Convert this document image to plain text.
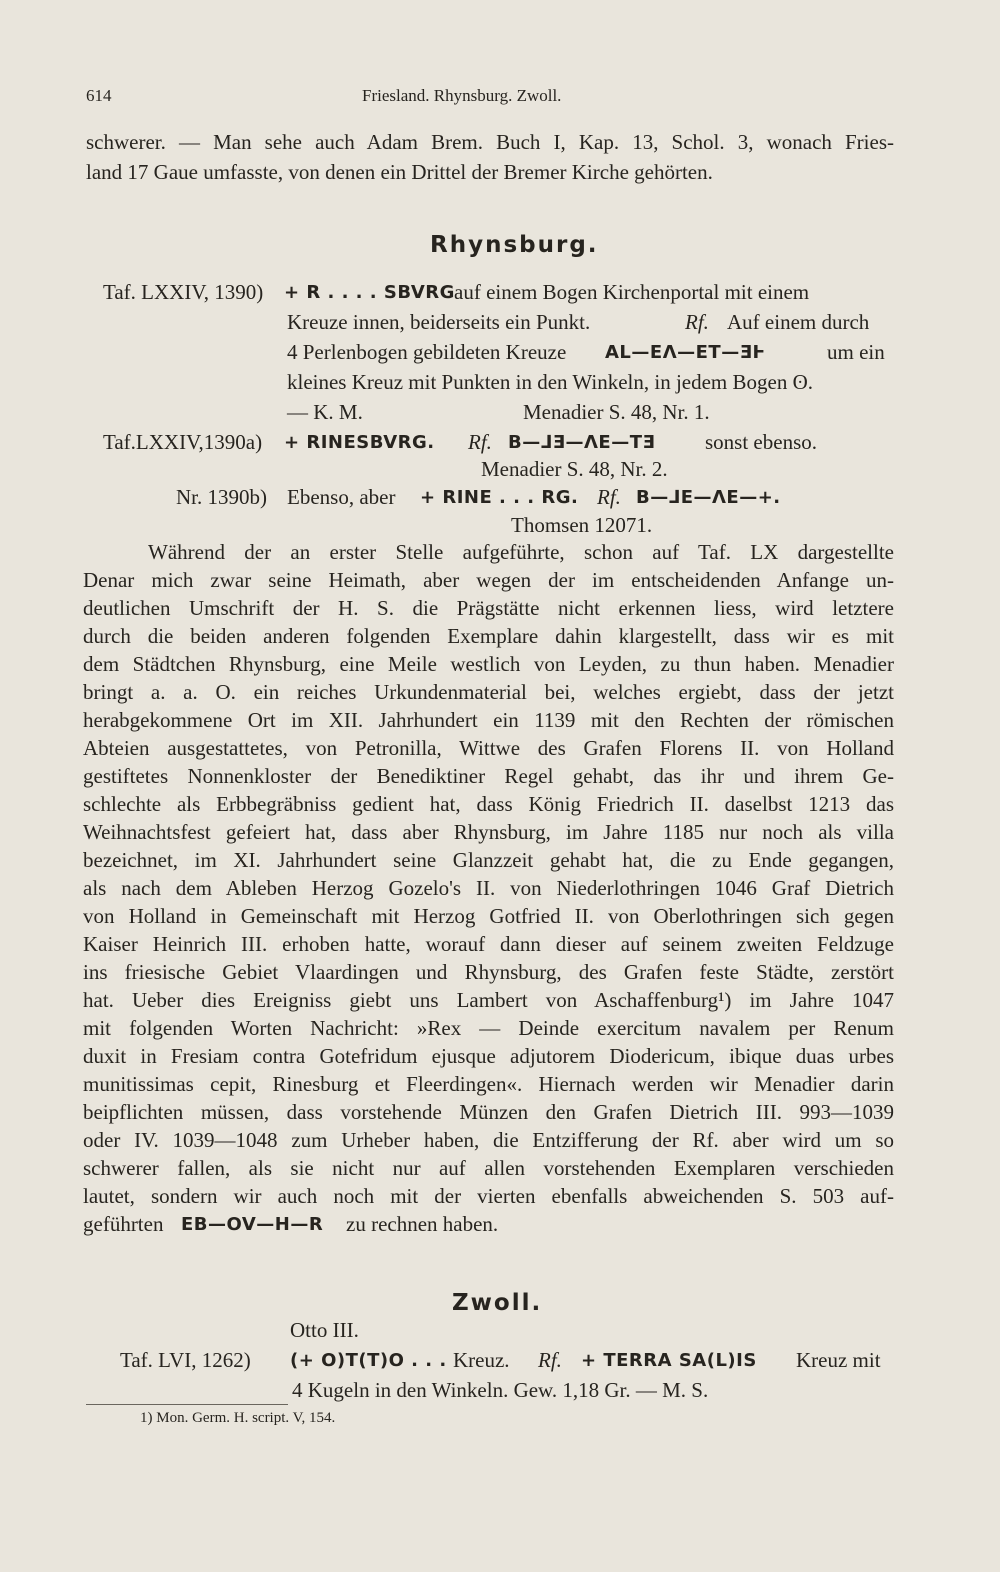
614	Friesland. Rhynsburg. Zwoll.
schwerer. — Man sehe auch Adam Brem. Buch I, Kap. 13, Schol. 3, wonach Fries-
land 17 Gaue umfasste, von denen ein Drittel der Bremer Kirche gehörten.
Rhynsburg.
Taf. LXXIV, 1390) + R . . . . SBVRG auf einem Bogen Kirchenportal mit einem
Kreuze innen, beiderseits ein Punkt.	Rf. Auf einem durch
4 Perlenbogen gebildeten Kreuze AL—EΛ—ET—ƎⱵ	um ein
kleines Kreuz mit Punkten in den Winkeln, in jedem Bogen ʘ.
— K. M.	Menadier S. 48, Nr. 1.
Taf.LXXIV,1390a) + RINESBVRG. Rf. B—⅃Ǝ—ΛE—TƎ sonst ebenso.
Menadier S. 48, Nr. 2.
Nr. 1390b) Ebenso, aber + RINE . . . RG. Rf. B—⅃E—ΛE—+.
Thomsen 12071.
Während der an erster Stelle aufgeführte, schon auf Taf. LX dargestellte
Denar mich zwar seine Heimath, aber wegen der im entscheidenden Anfange un-
deutlichen Umschrift der H. S. die Prägstätte nicht erkennen liess, wird letztere
durch die beiden anderen folgenden Exemplare dahin klargestellt, dass wir es mit
dem Städtchen Rhynsburg, eine Meile westlich von Leyden, zu thun haben. Menadier
bringt a. a. O. ein reiches Urkundenmaterial bei, welches ergiebt, dass der jetzt
herabgekommene Ort im XII. Jahrhundert ein 1139 mit den Rechten der römischen
Abteien ausgestattetes, von Petronilla, Wittwe des Grafen Florens II. von Holland
gestiftetes Nonnenkloster der Benediktiner Regel gehabt, das ihr und ihrem Ge-
schlechte als Erbbegräbniss gedient hat, dass König Friedrich II. daselbst 1213 das
Weihnachtsfest gefeiert hat, dass aber Rhynsburg, im Jahre 1185 nur noch als villa
bezeichnet, im XI. Jahrhundert seine Glanzzeit gehabt hat, die zu Ende gegangen,
als nach dem Ableben Herzog Gozelo's II. von Niederlothringen 1046 Graf Dietrich
von Holland in Gemeinschaft mit Herzog Gotfried II. von Oberlothringen sich gegen
Kaiser Heinrich III. erhoben hatte, worauf dann dieser auf seinem zweiten Feldzuge
ins friesische Gebiet Vlaardingen und Rhynsburg, des Grafen feste Städte, zerstört
hat. Ueber dies Ereigniss giebt uns Lambert von Aschaffenburg¹) im Jahre 1047
mit folgenden Worten Nachricht: »Rex — Deinde exercitum navalem per Renum
duxit in Fresiam contra Gotefridum ejusque adjutorem Diodericum, ibique duas urbes
munitissimas cepit, Rinesburg et Fleerdingen«. Hiernach werden wir Menadier darin
beipflichten müssen, dass vorstehende Münzen den Grafen Dietrich III. 993—1039
oder IV. 1039—1048 zum Urheber haben, die Entzifferung der Rf. aber wird um so
schwerer fallen, als sie nicht nur auf allen vorstehenden Exemplaren verschieden
lautet, sondern wir auch noch mit der vierten ebenfalls abweichenden S. 503 auf-
geführten EB—OV—H—R zu rechnen haben.
Zwoll.
Otto III.
Taf. LVI, 1262) (+ O)T(T)O . . . Kreuz. Rf. + TERRA SA(L)IS Kreuz mit
4 Kugeln in den Winkeln. Gew. 1,18 Gr. — M. S.
1) Mon. Germ. H. script. V, 154.
